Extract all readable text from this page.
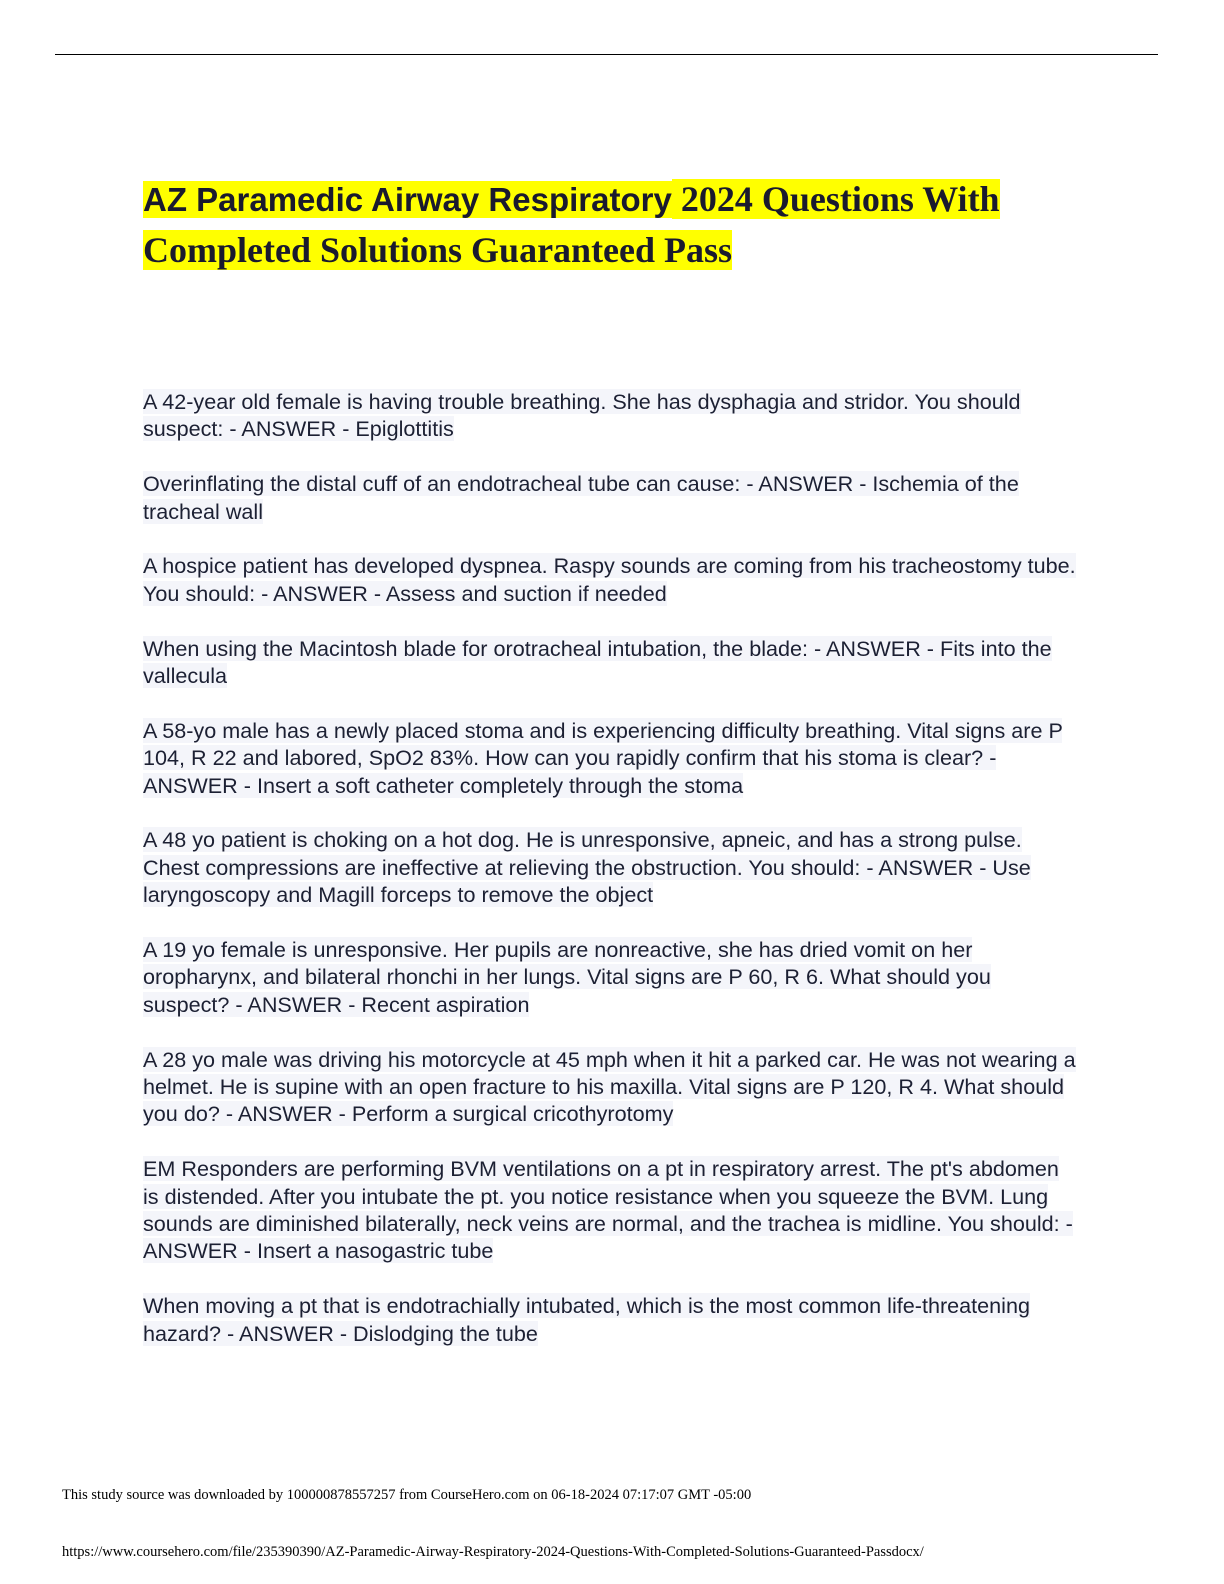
AZ Paramedic Airway Respiratory 2024 Questions With Completed Solutions Guaranteed Pass

A 42-year old female is having trouble breathing. She has dysphagia and stridor. You should suspect: - ANSWER - Epiglottitis

Overinflating the distal cuff of an endotracheal tube can cause: - ANSWER - Ischemia of the tracheal wall

A hospice patient has developed dyspnea. Raspy sounds are coming from his tracheostomy tube. You should: - ANSWER - Assess and suction if needed

When using the Macintosh blade for orotracheal intubation, the blade: - ANSWER - Fits into the vallecula

A 58-yo male has a newly placed stoma and is experiencing difficulty breathing. Vital signs are P 104, R 22 and labored, SpO2 83%. How can you rapidly confirm that his stoma is clear? - ANSWER - Insert a soft catheter completely through the stoma

A 48 yo patient is choking on a hot dog. He is unresponsive, apneic, and has a strong pulse. Chest compressions are ineffective at relieving the obstruction. You should: - ANSWER - Use laryngoscopy and Magill forceps to remove the object

A 19 yo female is unresponsive. Her pupils are nonreactive, she has dried vomit on her oropharynx, and bilateral rhonchi in her lungs. Vital signs are P 60, R 6. What should you suspect? - ANSWER - Recent aspiration

A 28 yo male was driving his motorcycle at 45 mph when it hit a parked car. He was not wearing a helmet. He is supine with an open fracture to his maxilla. Vital signs are P 120, R 4. What should you do? - ANSWER - Perform a surgical cricothyrotomy

EM Responders are performing BVM ventilations on a pt in respiratory arrest. The pt's abdomen is distended. After you intubate the pt. you notice resistance when you squeeze the BVM. Lung sounds are diminished bilaterally, neck veins are normal, and the trachea is midline. You should: - ANSWER - Insert a nasogastric tube

When moving a pt that is endotrachially intubated, which is the most common life-threatening hazard? - ANSWER - Dislodging the tube

This study source was downloaded by 100000878557257 from CourseHero.com on 06-18-2024 07:17:07 GMT -05:00
https://www.coursehero.com/file/235390390/AZ-Paramedic-Airway-Respiratory-2024-Questions-With-Completed-Solutions-Guaranteed-Passdocx/
